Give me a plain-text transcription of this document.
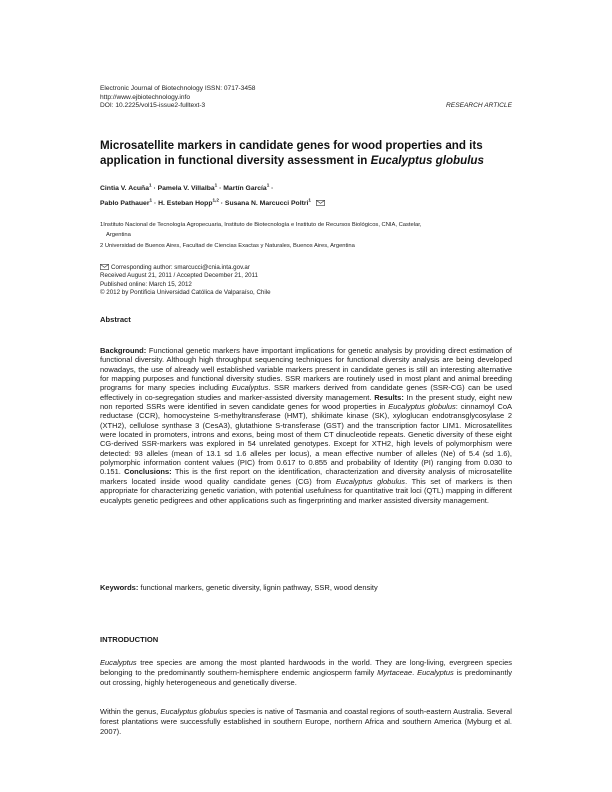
Electronic Journal of Biotechnology ISSN: 0717-3458
http://www.ejbiotechnology.info
DOI: 10.2225/vol15-issue2-fulltext-3	RESEARCH ARTICLE
Microsatellite markers in candidate genes for wood properties and its application in functional diversity assessment in Eucalyptus globulus
Cintia V. Acuña$^1$ · Pamela V. Villalba$^1$ · Martín García$^1$ ·
Pablo Pathauer$^1$ · H. Esteban Hopp$^{1,2}$ · Susana N. Marcucci Poltri$^1$
1Instituto Nacional de Tecnología Agropecuaria, Instituto de Biotecnología e Instituto de Recursos Biológicos, CNIA, Castelar,
Argentina
2 Universidad de Buenos Aires, Facultad de Ciencias Exactas y Naturales, Buenos Aires, Argentina
Corresponding author: smarcucci@cnia.inta.gov.ar
Received August 21, 2011 / Accepted December 21, 2011
Published online: March 15, 2012
© 2012 by Pontificia Universidad Católica de Valparaíso, Chile
Abstract
Background: Functional genetic markers have important implications for genetic analysis by providing direct estimation of functional diversity. Although high throughput sequencing techniques for functional diversity analysis are being developed nowadays, the use of already well established variable markers present in candidate genes is still an interesting alternative for mapping purposes and functional diversity studies. SSR markers are routinely used in most plant and animal breeding programs for many species including Eucalyptus. SSR markers derived from candidate genes (SSR-CG) can be used effectively in co-segregation studies and marker-assisted diversity management. Results: In the present study, eight new non reported SSRs were identified in seven candidate genes for wood properties in Eucalyptus globulus: cinnamoyl CoA reductase (CCR), homocysteine S-methyltransferase (HMT), shikimate kinase (SK), xyloglucan endotransglycosylase 2 (XTH2), cellulose synthase 3 (CesA3), glutathione S-transferase (GST) and the transcription factor LIM1. Microsatellites were located in promoters, introns and exons, being most of them CT dinucleotide repeats. Genetic diversity of these eight CG-derived SSR-markers was explored in 54 unrelated genotypes. Except for XTH2, high levels of polymorphism were detected: 93 alleles (mean of 13.1 sd 1.6 alleles per locus), a mean effective number of alleles (Ne) of 5.4 (sd 1.6), polymorphic information content values (PIC) from 0.617 to 0.855 and probability of Identity (PI) ranging from 0.030 to 0.151. Conclusions: This is the first report on the identification, characterization and diversity analysis of microsatellite markers located inside wood quality candidate genes (CG) from Eucalyptus globulus. This set of markers is then appropriate for characterizing genetic variation, with potential usefulness for quantitative trait loci (QTL) mapping in different eucalypts genetic pedigrees and other applications such as fingerprinting and marker assisted diversity management.
Keywords: functional markers, genetic diversity, lignin pathway, SSR, wood density
INTRODUCTION
Eucalyptus tree species are among the most planted hardwoods in the world. They are long-living, evergreen species belonging to the predominantly southern-hemisphere endemic angiosperm family Myrtaceae. Eucalyptus is predominantly out crossing, highly heterogeneous and genetically diverse.
Within the genus, Eucalyptus globulus species is native of Tasmania and coastal regions of south-eastern Australia. Several forest plantations were successfully established in southern Europe, northern Africa and southern America (Myburg et al. 2007).
